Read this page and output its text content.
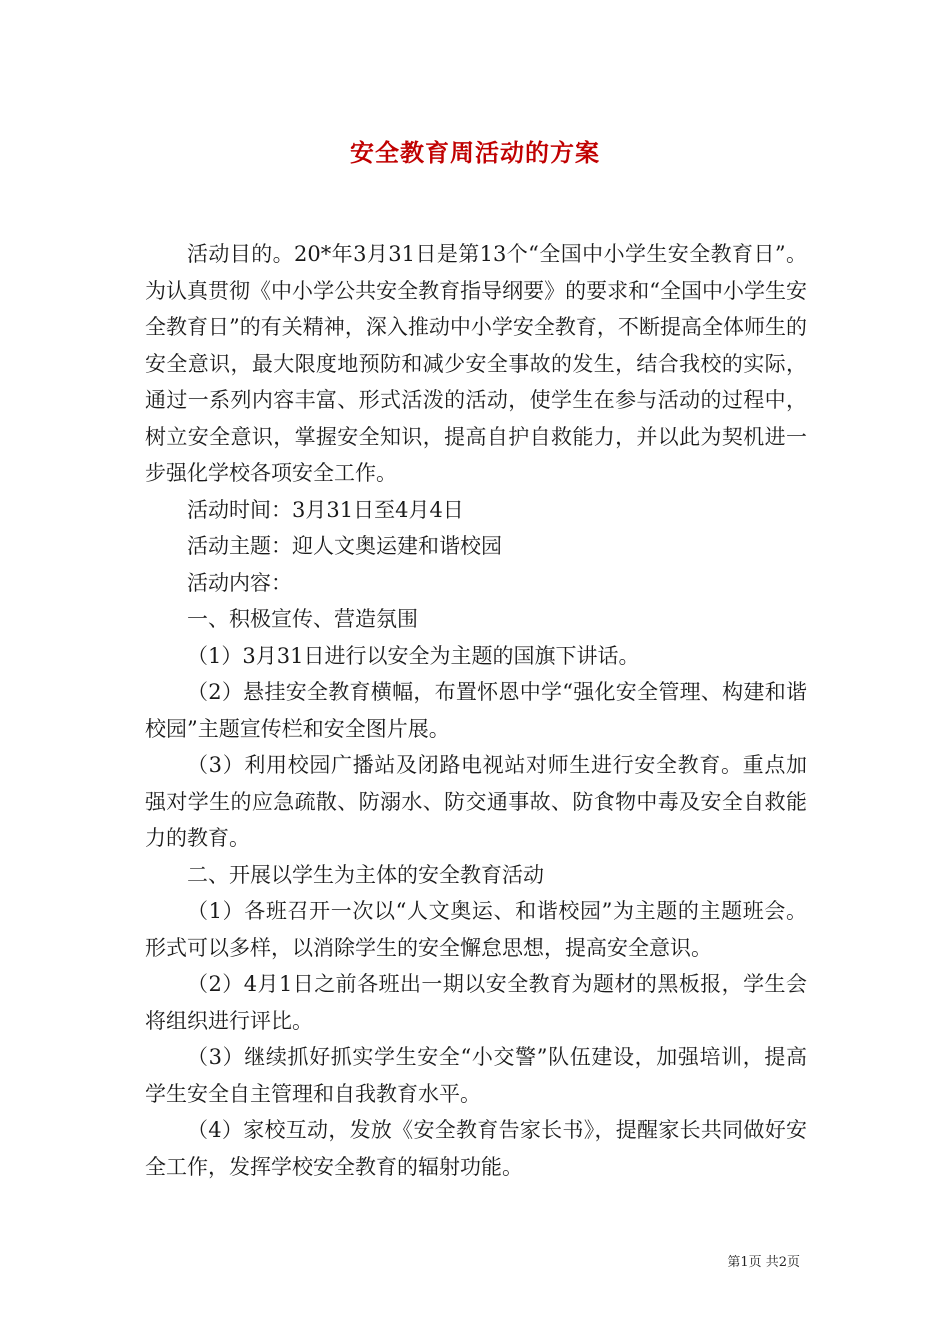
安全教育周活动的方案

活动目的。20*年3月31日是第13个“全国中小学生安全教育日”。为认真贯彻《中小学公共安全教育指导纲要》的要求和“全国中小学生安全教育日”的有关精神，深入推动中小学安全教育，不断提高全体师生的安全意识，最大限度地预防和减少安全事故的发生，结合我校的实际，通过一系列内容丰富、形式活泼的活动，使学生在参与活动的过程中，树立安全意识，掌握安全知识，提高自护自救能力，并以此为契机进一步强化学校各项安全工作。

活动时间：3月31日至4月4日

活动主题：迎人文奥运建和谐校园

活动内容：

一、积极宣传、营造氛围

（1）3月31日进行以安全为主题的国旗下讲话。

（2）悬挂安全教育横幅，布置怀恩中学“强化安全管理、构建和谐校园”主题宣传栏和安全图片展。

（3）利用校园广播站及闭路电视站对师生进行安全教育。重点加强对学生的应急疏散、防溺水、防交通事故、防食物中毒及安全自救能力的教育。

二、开展以学生为主体的安全教育活动

（1）各班召开一次以“人文奥运、和谐校园”为主题的主题班会。形式可以多样，以消除学生的安全懈怠思想，提高安全意识。

（2）4月1日之前各班出一期以安全教育为题材的黑板报，学生会将组织进行评比。

（3）继续抓好抓实学生安全“小交警”队伍建设，加强培训，提高学生安全自主管理和自我教育水平。

（4）家校互动，发放《安全教育告家长书》，提醒家长共同做好安全工作，发挥学校安全教育的辐射功能。

第1页 共2页
